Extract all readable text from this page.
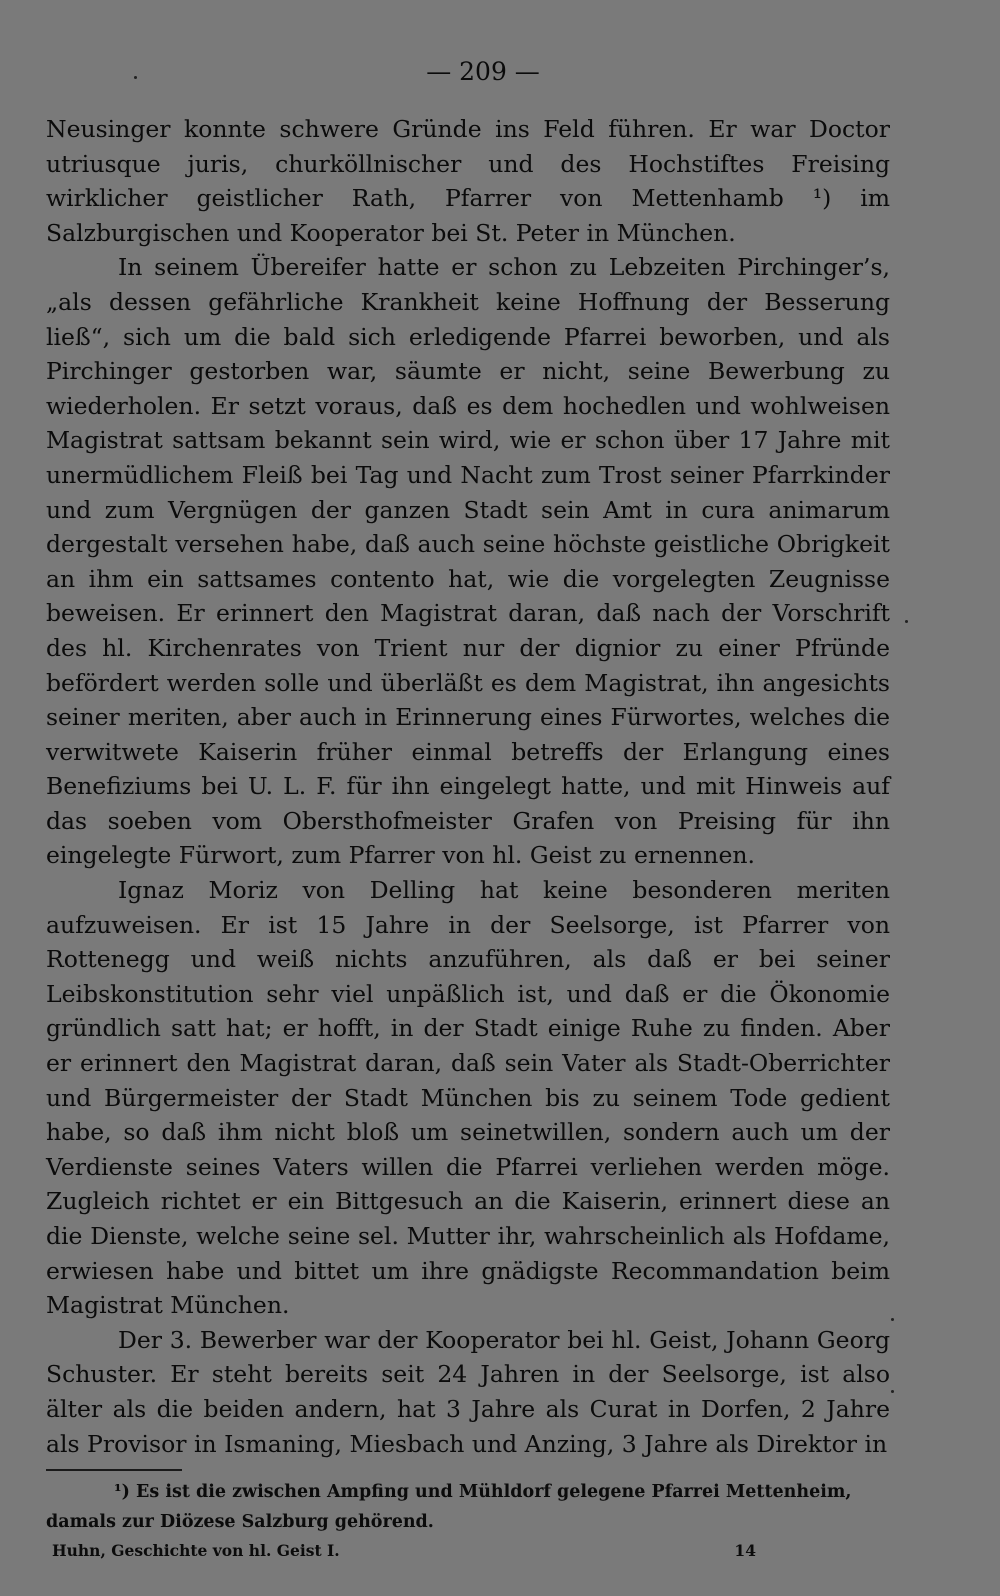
— 209 —

Neusinger konnte schwere Gründe ins Feld führen. Er war Doctor utriusque juris, churköllnischer und des Hochstiftes Freising wirklicher geistlicher Rath, Pfarrer von Mettenhamb ¹) im Salzburgischen und Kooperator bei St. Peter in München.

In seinem Übereifer hatte er schon zu Lebzeiten Pirchinger’s, „als dessen gefährliche Krankheit keine Hoffnung der Besserung ließ“, sich um die bald sich erledigende Pfarrei beworben, und als Pirchinger gestorben war, säumte er nicht, seine Bewerbung zu wiederholen. Er setzt voraus, daß es dem hochedlen und wohlweisen Magistrat sattsam bekannt sein wird, wie er schon über 17 Jahre mit unermüdlichem Fleiß bei Tag und Nacht zum Trost seiner Pfarrkinder und zum Vergnügen der ganzen Stadt sein Amt in cura animarum dergestalt versehen habe, daß auch seine höchste geistliche Obrigkeit an ihm ein sattsames contento hat, wie die vorgelegten Zeugnisse beweisen. Er erinnert den Magistrat daran, daß nach der Vorschrift des hl. Kirchenrates von Trient nur der dignior zu einer Pfründe befördert werden solle und überläßt es dem Magistrat, ihn angesichts seiner meriten, aber auch in Erinnerung eines Fürwortes, welches die verwitwete Kaiserin früher einmal betreffs der Erlangung eines Benefiziums bei U. L. F. für ihn eingelegt hatte, und mit Hinweis auf das soeben vom Obersthofmeister Grafen von Preising für ihn eingelegte Fürwort, zum Pfarrer von hl. Geist zu ernennen.

Ignaz Moriz von Delling hat keine besonderen meriten aufzuweisen. Er ist 15 Jahre in der Seelsorge, ist Pfarrer von Rottenegg und weiß nichts anzuführen, als daß er bei seiner Leibskonstitution sehr viel unpäßlich ist, und daß er die Ökonomie gründlich satt hat; er hofft, in der Stadt einige Ruhe zu finden. Aber er erinnert den Magistrat daran, daß sein Vater als Stadt-Oberrichter und Bürgermeister der Stadt München bis zu seinem Tode gedient habe, so daß ihm nicht bloß um seinetwillen, sondern auch um der Verdienste seines Vaters willen die Pfarrei verliehen werden möge. Zugleich richtet er ein Bittgesuch an die Kaiserin, erinnert diese an die Dienste, welche seine sel. Mutter ihr, wahrscheinlich als Hofdame, erwiesen habe und bittet um ihre gnädigste Recommandation beim Magistrat München.

Der 3. Bewerber war der Kooperator bei hl. Geist, Johann Georg Schuster. Er steht bereits seit 24 Jahren in der Seelsorge, ist also älter als die beiden andern, hat 3 Jahre als Curat in Dorfen, 2 Jahre als Provisor in Ismaning, Miesbach und Anzing, 3 Jahre als Direktor in

¹) Es ist die zwischen Ampfing und Mühldorf gelegene Pfarrei Mettenheim,

damals zur Diözese Salzburg gehörend.

Huhn, Geschichte von hl. Geist I.	14
